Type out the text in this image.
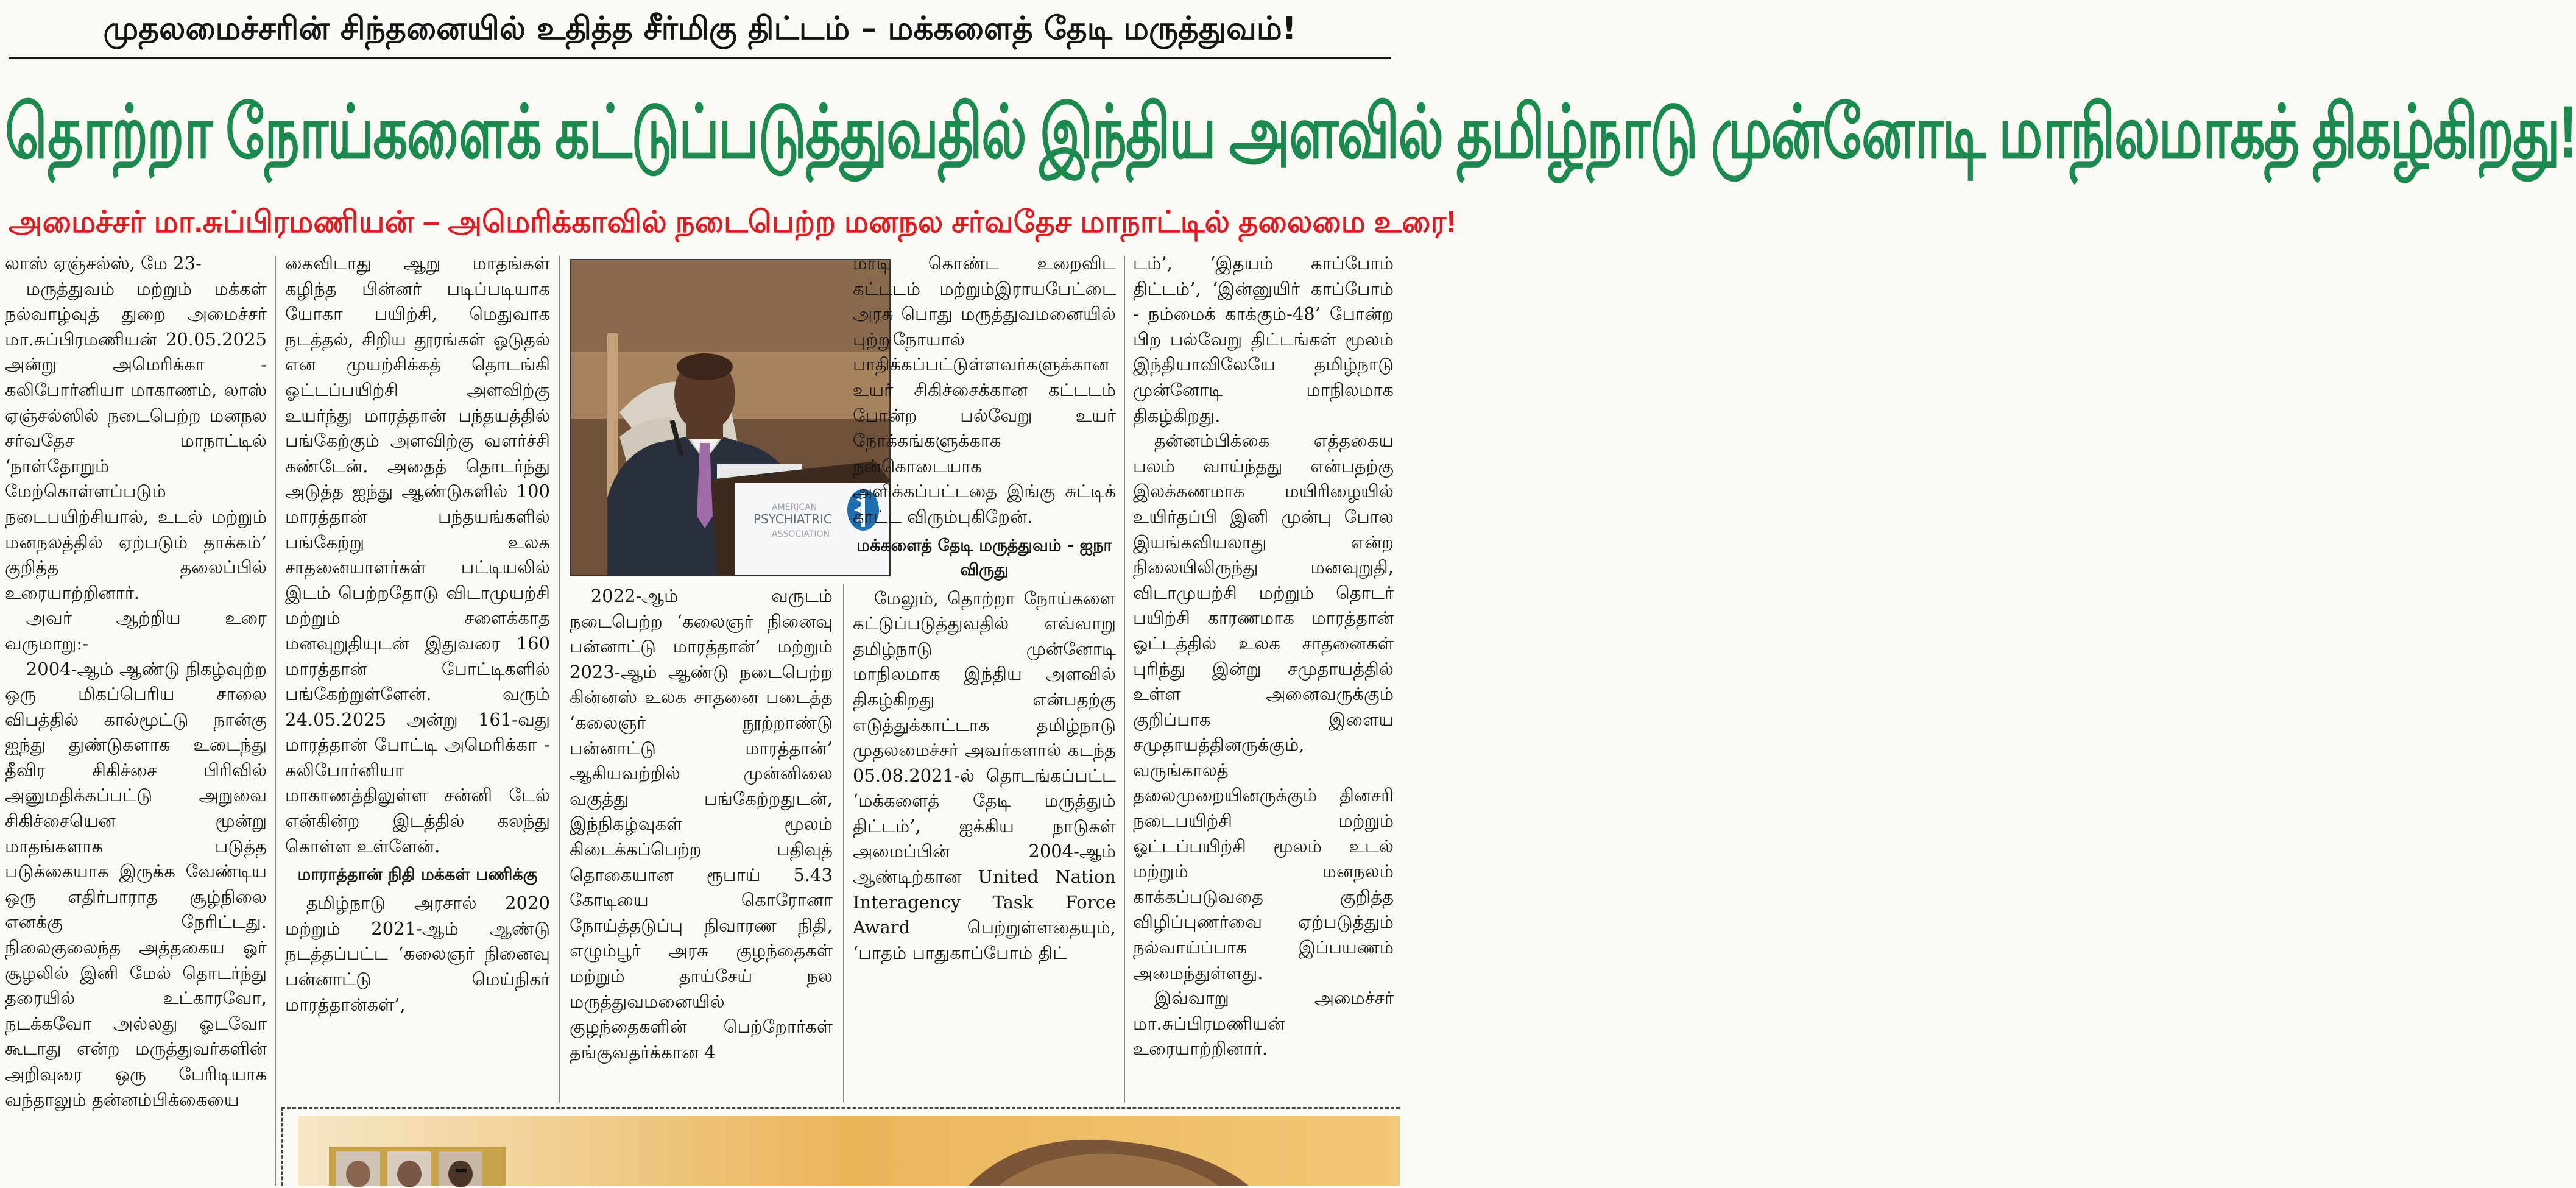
முதலமைச்சரின் சிந்தனையில் உதித்த சீர்மிகு திட்டம் – மக்களைத் தேடி மருத்துவம்!
தொற்றா நோய்களைக் கட்டுப்படுத்துவதில் இந்திய அளவில் தமிழ்நாடு முன்னோடி மாநிலமாகத் திகழ்கிறது!
அமைச்சர் மா.சுப்பிரமணியன் – அமெரிக்காவில் நடைபெற்ற மனநல சர்வதேச மாநாட்டில் தலைமை உரை!

லாஸ் ஏஞ்சல்ஸ், மே 23-

மருத்துவம் மற்றும் மக்கள் நல்வாழ்வுத் துறை அமைச்சர் மா.சுப்பிரமணியன் 20.05.2025 அன்று அமெரிக்கா - கலிபோர்னியா மாகாணம், லாஸ் ஏஞ்சல்ஸில் நடைபெற்ற மனநல சர்வதேச மாநாட்டில் ‘நாள்தோறும் மேற்கொள்ளப்படும் நடைபயிற்சியால், உடல் மற்றும் மனநலத்தில் ஏற்படும் தாக்கம்’ குறித்த தலைப்பில் உரையாற்றினார்.

அவர் ஆற்றிய உரை வருமாறு:-

2004-ஆம் ஆண்டு நிகழ்வுற்ற ஒரு மிகப்பெரிய சாலை விபத்தில் கால்மூட்டு நான்கு ஐந்து துண்டுகளாக உடைந்து தீவிர சிகிச்சை பிரிவில் அனுமதிக்கப்பட்டு அறுவை சிகிச்சையென மூன்று மாதங்களாக படுத்த படுக்கையாக இருக்க வேண்டிய ஒரு எதிர்பாராத சூழ்நிலை எனக்கு நேரிட்டது. நிலைகுலைந்த அத்தகைய ஓர் சூழலில் இனி மேல் தொடர்ந்து தரையில் உட்காரவோ, நடக்கவோ அல்லது ஓடவோ கூடாது என்ற மருத்துவர்களின் அறிவுரை ஒரு பேரிடியாக வந்தாலும் தன்னம்பிக்கையை

கைவிடாது ஆறு மாதங்கள் கழிந்த பின்னர் படிப்படியாக யோகா பயிற்சி, மெதுவாக நடத்தல், சிறிய தூரங்கள் ஓடுதல் என முயற்சிக்கத் தொடங்கி ஓட்டப்பயிற்சி அளவிற்கு உயர்ந்து மாரத்தான் பந்தயத்தில் பங்கேற்கும் அளவிற்கு வளர்ச்சி கண்டேன். அதைத் தொடர்ந்து அடுத்த ஐந்து ஆண்டுகளில் 100 மாரத்தான் பந்தயங்களில் பங்கேற்று உலக சாதனையாளர்கள் பட்டியலில் இடம் பெற்றதோடு விடாமுயற்சி மற்றும் சளைக்காத மனவுறுதியுடன் இதுவரை 160 மாரத்தான் போட்டிகளில் பங்கேற்றுள்ளேன். வரும் 24.05.2025 அன்று 161-வது மாரத்தான் போட்டி அமெரிக்கா - கலிபோர்னியா மாகாணத்திலுள்ள சன்னி டேல் என்கின்ற இடத்தில் கலந்து கொள்ள உள்ளேன்.

மாராத்தான் நிதி மக்கள் பணிக்கு

தமிழ்நாடு அரசால் 2020 மற்றும் 2021-ஆம் ஆண்டு நடத்தப்பட்ட ‘கலைஞர் நினைவு பன்னாட்டு மெய்நிகர் மாரத்தான்கள்’,

AMERICAN
PSYCHIATRIC
ASSOCIATION

2022-ஆம் வருடம் நடைபெற்ற ‘கலைஞர் நினைவு பன்னாட்டு மாரத்தான்’ மற்றும் 2023-ஆம் ஆண்டு நடைபெற்ற கின்னஸ் உலக சாதனை படைத்த ‘கலைஞர் நூற்றாண்டு பன்னாட்டு மாரத்தான்’ ஆகியவற்றில் முன்னிலை வகுத்து பங்கேற்றதுடன், இந்நிகழ்வுகள் மூலம் கிடைக்கப்பெற்ற பதிவுத் தொகையான ரூபாய் 5.43 கோடியை கொரோனா நோய்த்தடுப்பு நிவாரண நிதி, எழும்பூர் அரசு குழந்தைகள் மற்றும் தாய்சேய் நல மருத்துவமனையில் குழந்தைகளின் பெற்றோர்கள் தங்குவதர்க்கான 4

மாடி கொண்ட உறைவிட கட்டடம் மற்றும்இராயபேட்டை அரசு பொது மருத்துவமனையில் புற்றுநோயால் பாதிக்கப்பட்டுள்ளவர்களுக்கான உயர் சிகிச்சைக்கான கட்டடம் போன்ற பல்வேறு உயர் நோக்கங்களுக்காக நன்கொடையாக அளிக்கப்பட்டதை இங்கு சுட்டிக் காட்ட விரும்புகிறேன்.

மக்களைத் தேடி மருத்துவம் - ஐநா விருது

மேலும், தொற்றா நோய்களை கட்டுப்படுத்துவதில் எவ்வாறு தமிழ்நாடு முன்னோடி மாநிலமாக இந்திய அளவில் திகழ்கிறது என்பதற்கு எடுத்துக்காட்டாக தமிழ்நாடு முதலமைச்சர் அவர்களால் கடந்த 05.08.2021-ல் தொடங்கப்பட்ட ‘மக்களைத் தேடி மருத்தும் திட்டம்’, ஐக்கிய நாடுகள் அமைப்பின் 2004-ஆம் ஆண்டிற்கான United Nation Interagency Task Force Award பெற்றுள்ளதையும், ‘பாதம் பாதுகாப்போம் திட்

டம்’, ‘இதயம் காப்போம் திட்டம்’, ‘இன்னுயிர் காப்போம் - நம்மைக் காக்கும்-48’ போன்ற பிற பல்வேறு திட்டங்கள் மூலம் இந்தியாவிலேயே தமிழ்நாடு முன்னோடி மாநிலமாக திகழ்கிறது.

தன்னம்பிக்கை எத்தகைய பலம் வாய்ந்தது என்பதற்கு இலக்கணமாக மயிரிழையில் உயிர்தப்பி இனி முன்பு போல இயங்கவியலாது என்ற நிலையிலிருந்து மனவுறுதி, விடாமுயற்சி மற்றும் தொடர் பயிற்சி காரணமாக மாரத்தான் ஓட்டத்தில் உலக சாதனைகள் புரிந்து இன்று சமுதாயத்தில் உள்ள அனைவருக்கும் குறிப்பாக இளைய சமுதாயத்தினருக்கும், வருங்காலத் தலைமுறையினருக்கும் தினசரி நடைபயிற்சி மற்றும் ஓட்டப்பயிற்சி மூலம் உடல் மற்றும் மனநலம் காக்கப்படுவதை குறித்த விழிப்புணர்வை ஏற்படுத்தும் நல்வாய்ப்பாக இப்பயணம் அமைந்துள்ளது.

இவ்வாறு அமைச்சர் மா.சுப்பிரமணியன் உரையாற்றினார்.
